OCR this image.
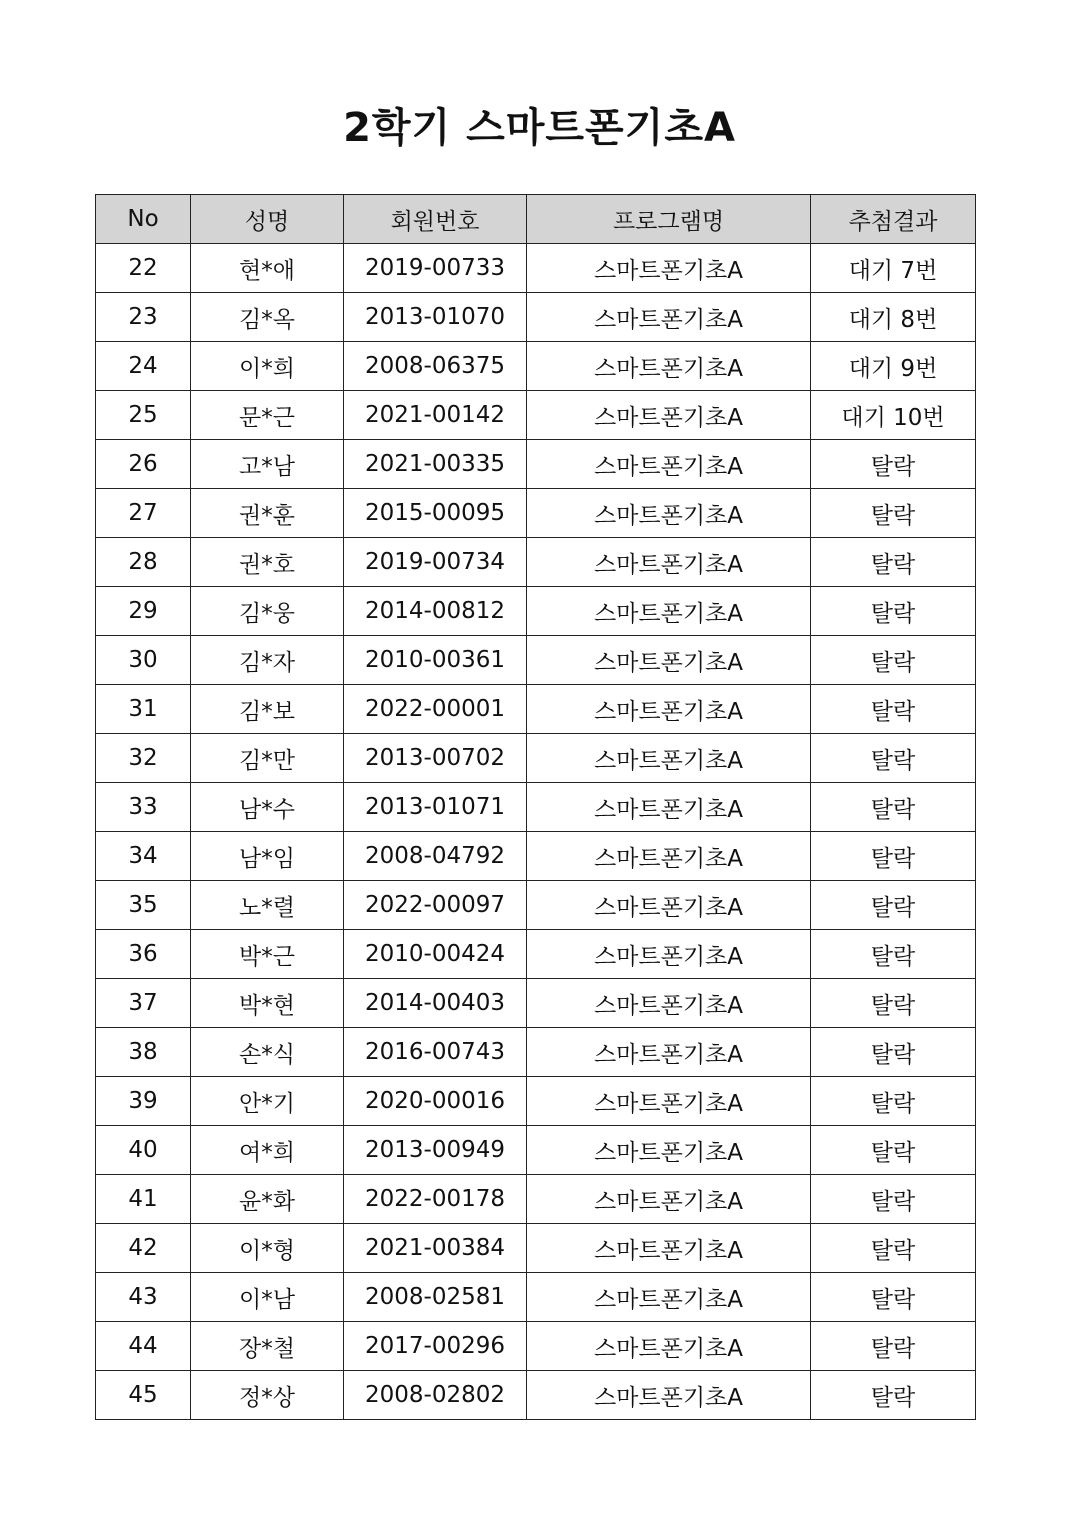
2학기 스마트폰기초A
No	성명	회원번호	프로그램명	추첨결과
22	현*애	2019-00733	스마트폰기초A	대기 7번
23	김*옥	2013-01070	스마트폰기초A	대기 8번
24	이*희	2008-06375	스마트폰기초A	대기 9번
25	문*근	2021-00142	스마트폰기초A	대기 10번
26	고*남	2021-00335	스마트폰기초A	탈락
27	권*훈	2015-00095	스마트폰기초A	탈락
28	권*호	2019-00734	스마트폰기초A	탈락
29	김*웅	2014-00812	스마트폰기초A	탈락
30	김*자	2010-00361	스마트폰기초A	탈락
31	김*보	2022-00001	스마트폰기초A	탈락
32	김*만	2013-00702	스마트폰기초A	탈락
33	남*수	2013-01071	스마트폰기초A	탈락
34	남*임	2008-04792	스마트폰기초A	탈락
35	노*렬	2022-00097	스마트폰기초A	탈락
36	박*근	2010-00424	스마트폰기초A	탈락
37	박*현	2014-00403	스마트폰기초A	탈락
38	손*식	2016-00743	스마트폰기초A	탈락
39	안*기	2020-00016	스마트폰기초A	탈락
40	여*희	2013-00949	스마트폰기초A	탈락
41	윤*화	2022-00178	스마트폰기초A	탈락
42	이*형	2021-00384	스마트폰기초A	탈락
43	이*남	2008-02581	스마트폰기초A	탈락
44	장*철	2017-00296	스마트폰기초A	탈락
45	정*상	2008-02802	스마트폰기초A	탈락
